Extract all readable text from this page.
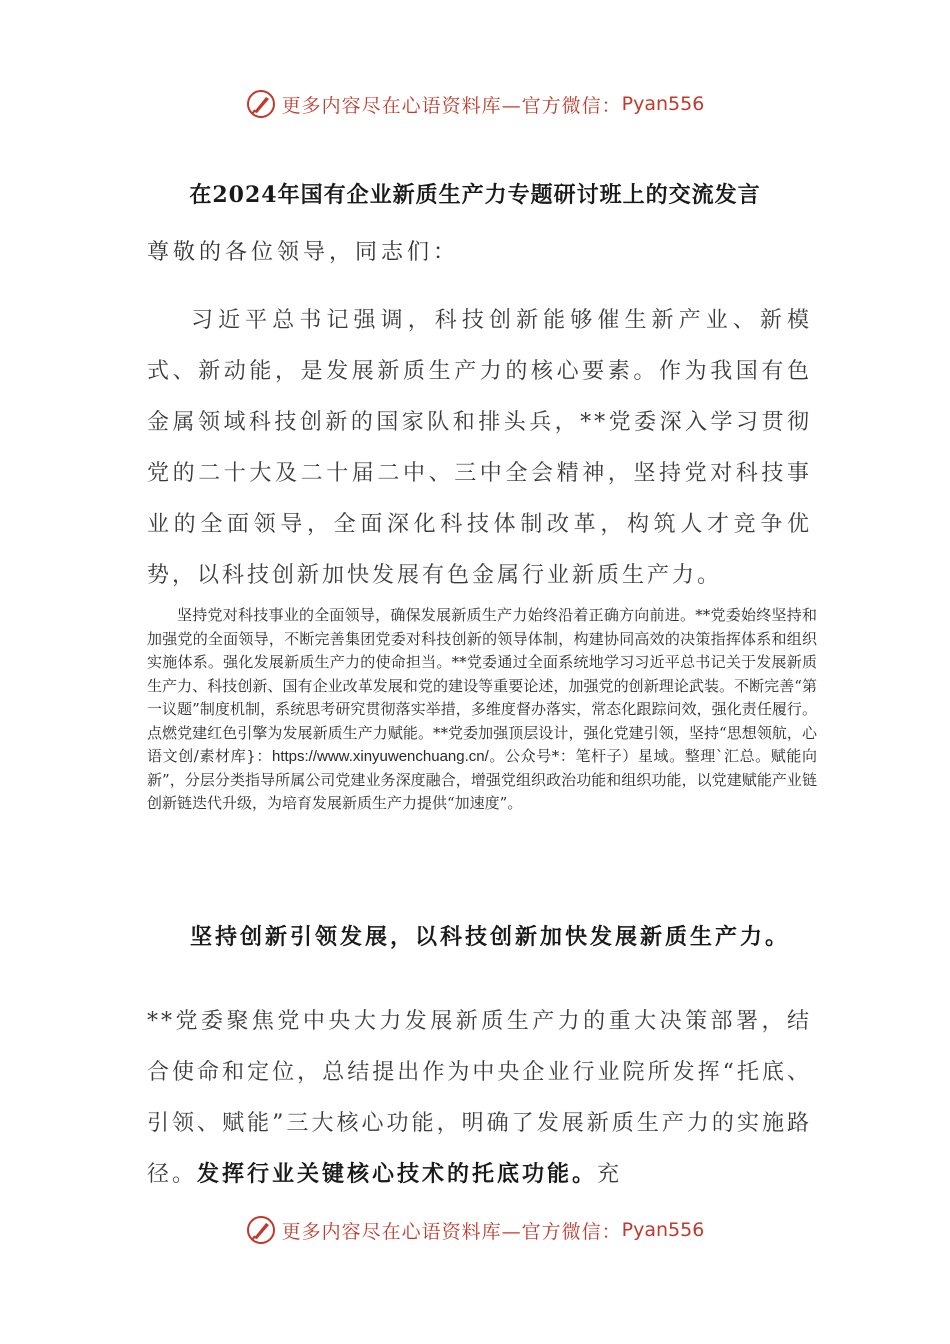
更多内容尽在心语资料库—官方微信： Pyan556
在2024年国有企业新质生产力专题研讨班上的交流发言
尊敬的各位领导，同志们：

习近平总书记强调，科技创新能够催生新产业、新模式、新动能，是发展新质生产力的核心要素。作为我国有色金属领域科技创新的国家队和排头兵，**党委深入学习贯彻党的二十大及二十届二中、三中全会精神，坚持党对科技事业的全面领导，全面深化科技体制改革，构筑人才竞争优势，以科技创新加快发展有色金属行业新质生产力。

坚持党对科技事业的全面领导，确保发展新质生产力始终沿着正确方向前进。**党委始终坚持和加强党的全面领导，不断完善集团党委对科技创新的领导体制，构建协同高效的决策指挥体系和组织实施体系。强化发展新质生产力的使命担当。**党委通过全面系统地学习习近平总书记关于发展新质生产力、科技创新、国有企业改革发展和党的建设等重要论述，加强党的创新理论武装。不断完善“第一议题”制度机制，系统思考研究贯彻落实举措，多维度督办落实，常态化跟踪问效，强化责任履行。点燃党建红色引擎为发展新质生产力赋能。**党委加强顶层设计，强化党建引领，坚持“思想领航，心语文创/素材库}：https://www.xinyuwenchuang.cn/。公众号*：笔杆子）星域。整理`汇总。赋能向新”，分层分类指导所属公司党建业务深度融合，增强党组织政治功能和组织功能，以党建赋能产业链创新链迭代升级，为培育发展新质生产力提供“加速度”。

坚持创新引领发展，以科技创新加快发展新质生产力。

**党委聚焦党中央大力发展新质生产力的重大决策部署，结合使命和定位，总结提出作为中央企业行业院所发挥“托底、引领、赋能”三大核心功能，明确了发展新质生产力的实施路径。发挥行业关键核心技术的托底功能。充

更多内容尽在心语资料库—官方微信： Pyan556
